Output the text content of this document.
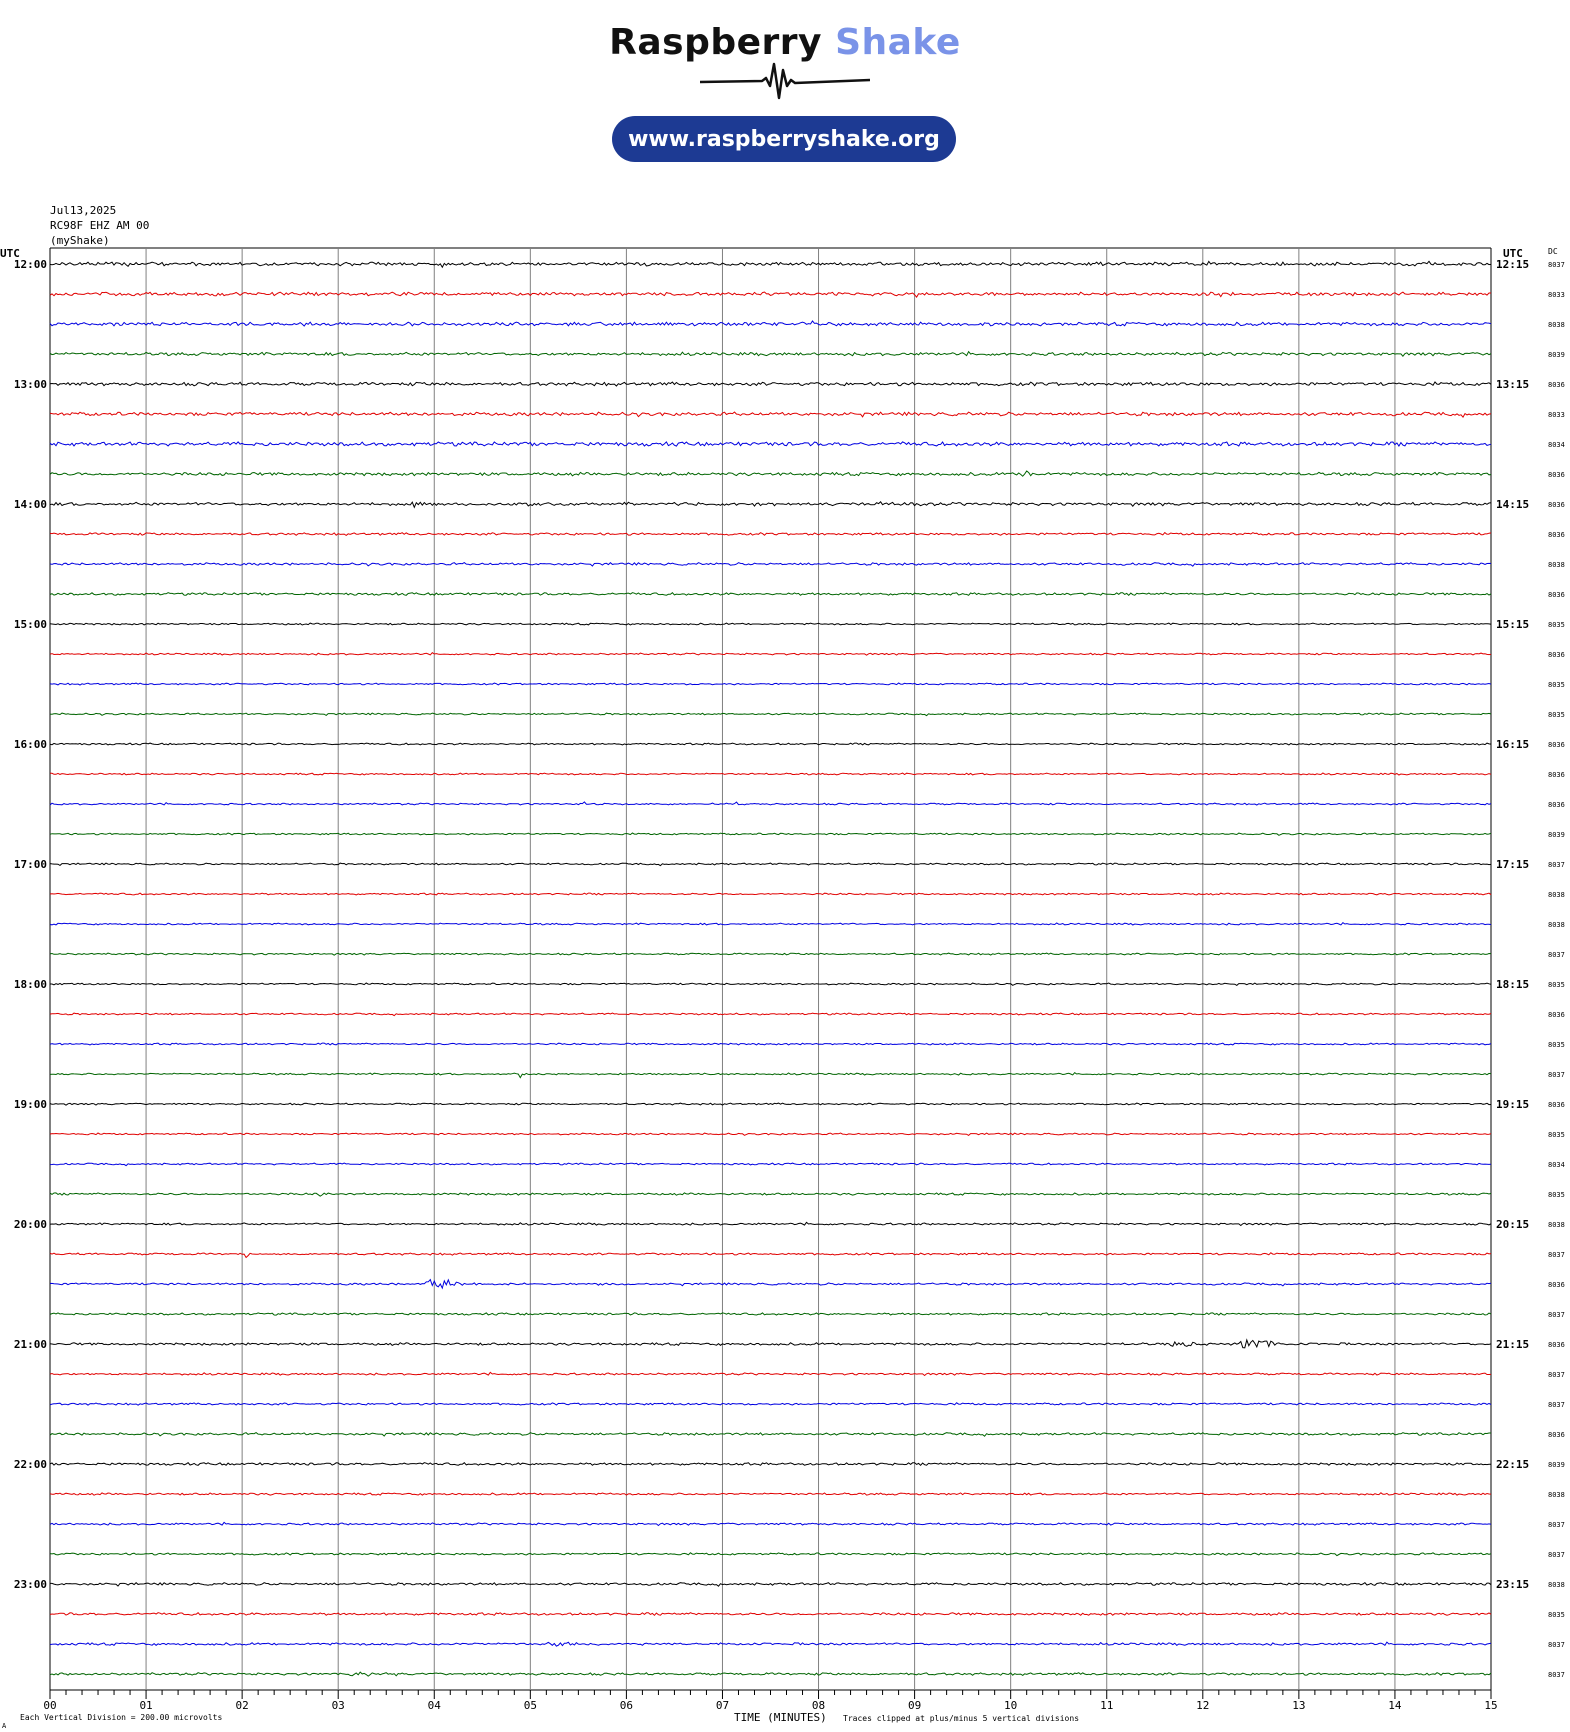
Raspberry Shake
www.raspberryshake.org
Jul13,2025
RC98F EHZ AM 00
(myShake)
00	01	02	03	04	05	06	07	08	09	10	11	12	13	14	15
8037
12:00	12:15
8033
8038
8039
8036
13:00	13:15
8033
8034
8036
8036
14:00	14:15
8036
8038
8036
8035
15:00	15:15
8036
8035
8035
8036
16:00	16:15
8036
8036
8039
8037
17:00	17:15
8038
8038
8037
8035
18:00	18:15
8036
8035
8037
8036
19:00	19:15
8035
8034
8035
8038
20:00	20:15
8037
8036
8037
8036
21:00	21:15
8037
8037
8036
8039
22:00	22:15
8038
8037
8037
8038
23:00	23:15
8035
8037
8037
UTC	UTC	DC
A
Each Vertical Division = 200.00 microvolts	TIME (MINUTES) Traces clipped at plus/minus 5 vertical divisions
